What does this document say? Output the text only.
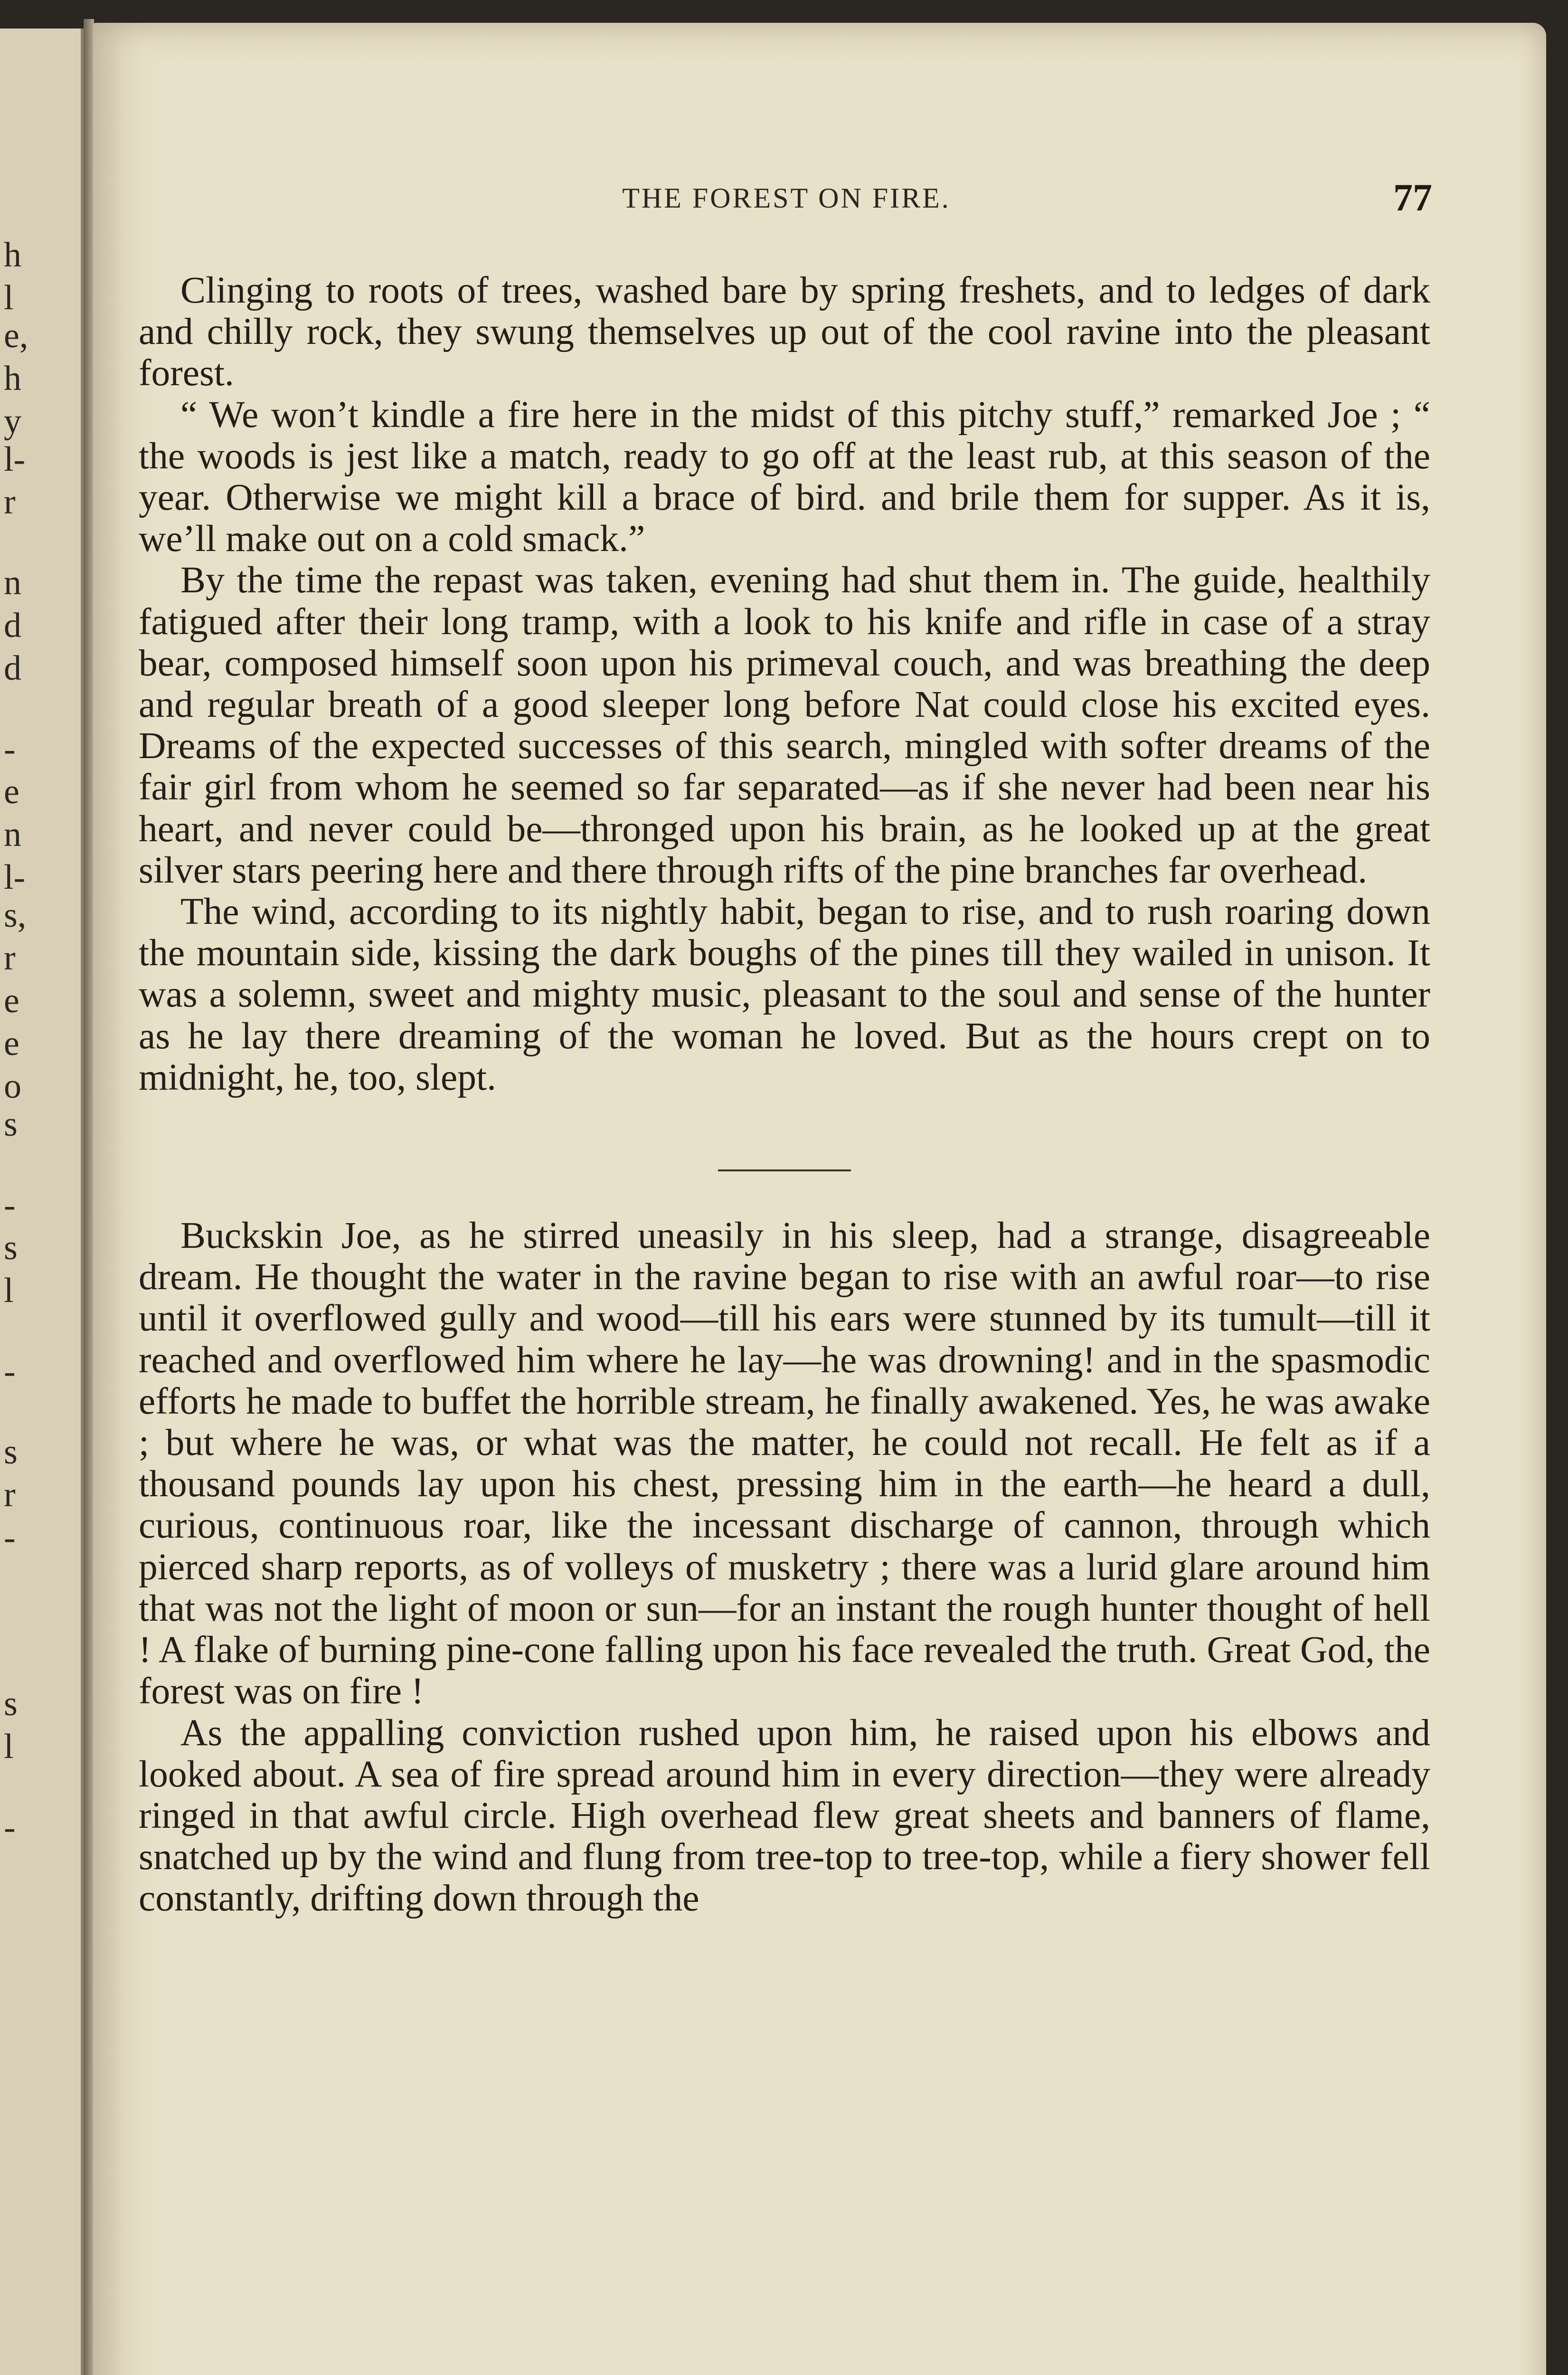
h
l
e,
h
y
l-
r
n
d
d
-
e
n
l-
s,
r
e
e
o
s
-
s
l
-
s
r
-
s
l
-
THE FOREST ON FIRE.	77

Clinging to roots of trees, washed bare by spring freshets, and to ledges of dark and chilly rock, they swung themselves up out of the cool ravine into the pleasant forest.

“ We won’t kindle a fire here in the midst of this pitchy stuff,” remarked Joe ; “ the woods is jest like a match, ready to go off at the least rub, at this season of the year. Otherwise we might kill a brace of bird. and brile them for supper. As it is, we’ll make out on a cold smack.”

By the time the repast was taken, evening had shut them in. The guide, healthily fatigued after their long tramp, with a look to his knife and rifle in case of a stray bear, composed himself soon upon his primeval couch, and was breathing the deep and regular breath of a good sleeper long before Nat could close his excited eyes. Dreams of the expected successes of this search, mingled with softer dreams of the fair girl from whom he seemed so far separated—as if she never had been near his heart, and never could be—thronged upon his brain, as he looked up at the great silver stars peering here and there through rifts of the pine branches far overhead.

The wind, according to its nightly habit, began to rise, and to rush roaring down the mountain side, kissing the dark boughs of the pines till they wailed in unison. It was a solemn, sweet and mighty music, pleasant to the soul and sense of the hunter as he lay there dreaming of the woman he loved. But as the hours crept on to midnight, he, too, slept.

Buckskin Joe, as he stirred uneasily in his sleep, had a strange, disagreeable dream. He thought the water in the ravine began to rise with an awful roar—to rise until it overflowed gully and wood—till his ears were stunned by its tumult—till it reached and overflowed him where he lay—he was drowning! and in the spasmodic efforts he made to buffet the horrible stream, he finally awakened. Yes, he was awake ; but where he was, or what was the matter, he could not recall. He felt as if a thousand pounds lay upon his chest, pressing him in the earth—he heard a dull, curious, continuous roar, like the incessant discharge of cannon, through which pierced sharp reports, as of volleys of musketry ; there was a lurid glare around him that was not the light of moon or sun—for an instant the rough hunter thought of hell ! A flake of burning pine-cone falling upon his face revealed the truth. Great God, the forest was on fire !

As the appalling conviction rushed upon him, he raised upon his elbows and looked about. A sea of fire spread around him in every direction—they were already ringed in that awful circle. High overhead flew great sheets and banners of flame, snatched up by the wind and flung from tree-top to tree-top, while a fiery shower fell constantly, drifting down through the
